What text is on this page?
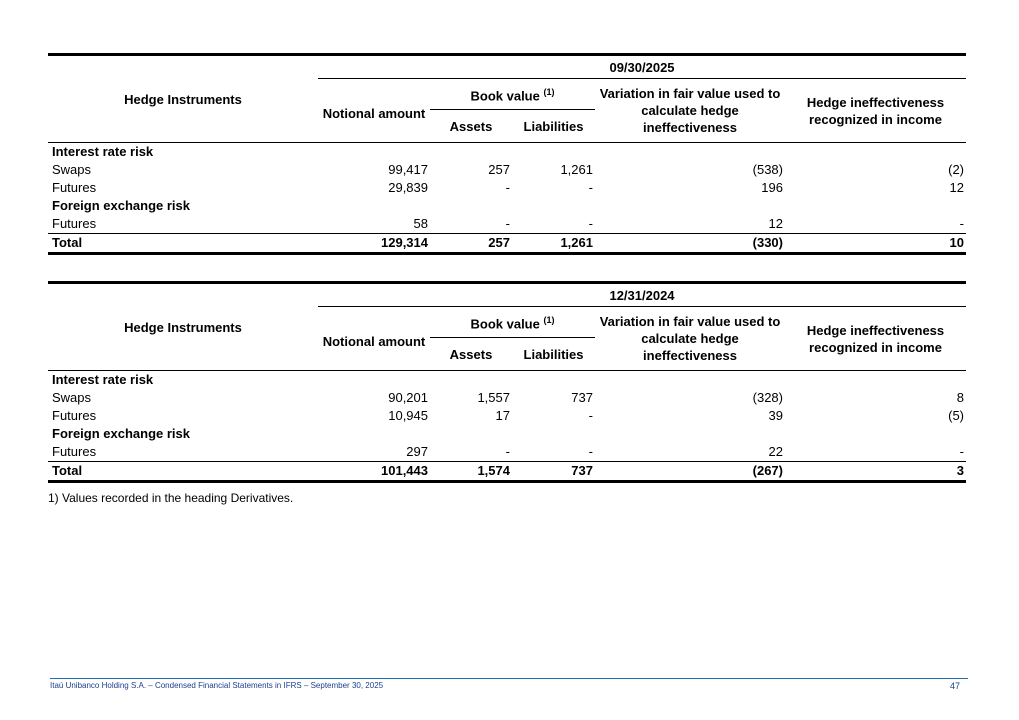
Hedge Instruments	09/30/2025				
	Notional amount	Book value $^{(1)}$		Variation in fair value used to calculate hedge ineffectiveness	Hedge ineffectiveness recognized in income
		Assets	Liabilities		

Interest rate risk					
Swaps	99,417	257	1,261	(538)	(2)
Futures	29,839	-	-	196	12
Foreign exchange risk					
Futures	58	-	-	12	-
Total	129,314	257	1,261	(330)	10
Hedge Instruments	12/31/2024				
	Notional amount	Book value $^{(1)}$		Variation in fair value used to calculate hedge ineffectiveness	Hedge ineffectiveness recognized in income
		Assets	Liabilities		

Interest rate risk					
Swaps	90,201	1,557	737	(328)	8
Futures	10,945	17	-	39	(5)
Foreign exchange risk					
Futures	297	-	-	22	-
Total	101,443	1,574	737	(267)	3
1) Values recorded in the heading Derivatives.
Itaú Unibanco Holding S.A. – Condensed Financial Statements in IFRS – September 30, 2025	47
